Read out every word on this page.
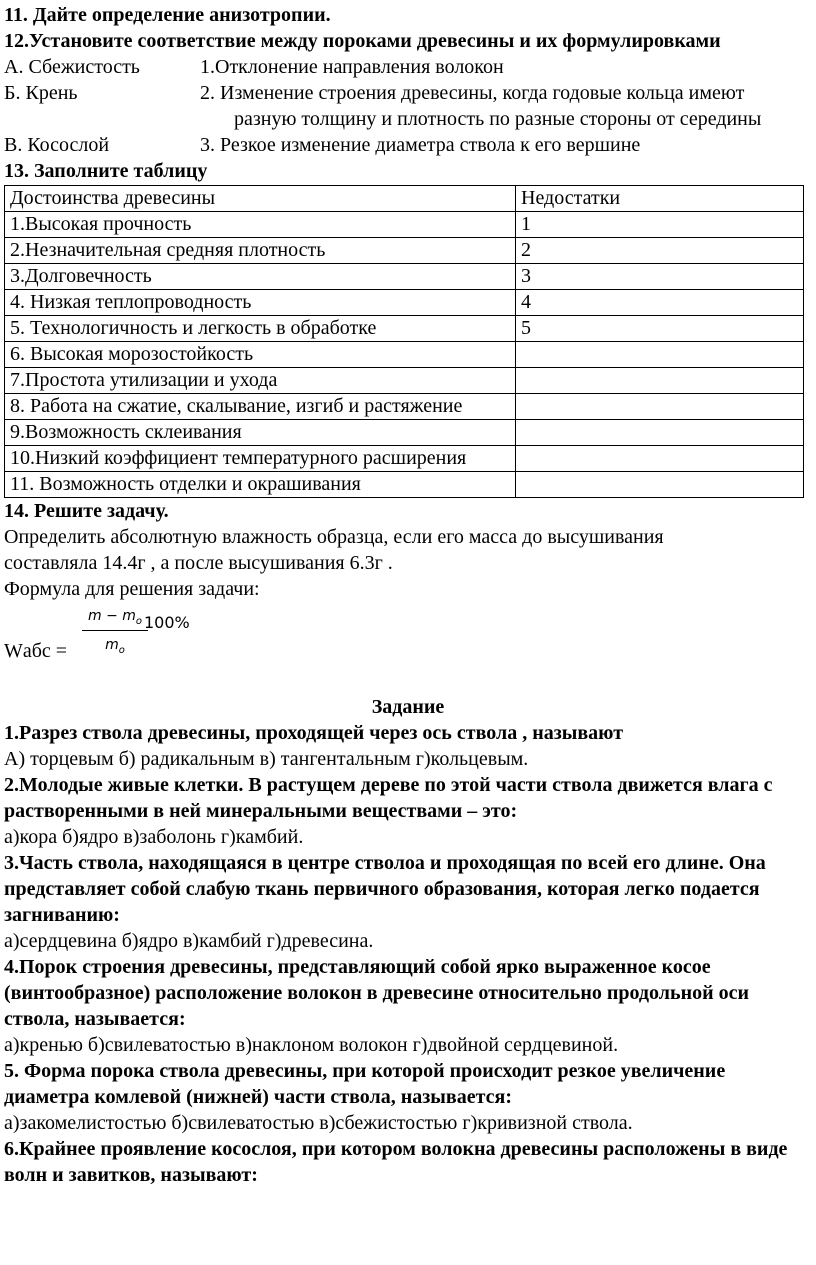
11. Дайте определение анизотропии.
12.Установите соответствие между пороками древесины и их формулировками
А. Сбежистость	1.Отклонение направления волокон
Б. Крень	2. Изменение строения древесины, когда годовые кольца имеют
разную толщину и плотность по разные стороны от середины
В. Косослой	3. Резкое изменение диаметра ствола к его вершине
13. Заполните таблицу
Достоинства древесины	Недостатки
1.Высокая прочность	1
2.Незначительная средняя плотность	2
3.Долговечность	3
4. Низкая теплопроводность	4
5. Технологичность и легкость в обработке	5
6. Высокая морозостойкость	
7.Простота утилизации и ухода	
8. Работа на сжатие, скалывание, изгиб и растяжение	
9.Возможность склеивания	
10.Низкий коэффициент температурного расширения	
11. Возможность отделки и окрашивания	
14. Решите задачу.
Определить абсолютную влажность образца, если его масса до высушивания
составляла 14.4г , а после высушивания 6.3г .
Формула для решения задачи:
Wабс =
$m - m_o$
$m_o$
100%
Задание
1.Разрез ствола древесины, проходящей через ось ствола , называют
А) торцевым б) радикальным в) тангентальным г)кольцевым.
2.Молодые живые клетки. В растущем дереве по этой части ствола движется влага с растворенными в ней минеральными веществами – это:
а)кора б)ядро в)заболонь г)камбий.
3.Часть ствола, находящаяся в центре стволоа и проходящая по всей его длине. Она представляет собой слабую ткань первичного образования, которая легко подается загниванию:
а)сердцевина б)ядро в)камбий г)древесина.
4.Порок строения древесины, представляющий собой ярко выраженное косое (винтообразное) расположение волокон в древесине относительно продольной оси ствола, называется:
а)кренью б)свилеватостью в)наклоном волокон г)двойной сердцевиной.
5. Форма порока ствола древесины, при которой происходит резкое увеличение диаметра комлевой (нижней) части ствола, называется:
а)закомелистостью б)свилеватостью в)сбежистостью г)кривизной ствола.
6.Крайнее проявление косослоя, при котором волокна древесины расположены в виде волн и завитков, называют:
